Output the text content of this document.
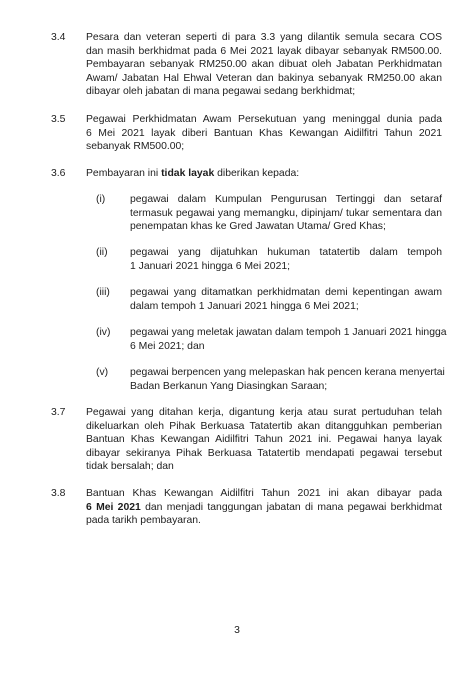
3.4 Pesara dan veteran seperti di para 3.3 yang dilantik semula secara COS
dan masih berkhidmat pada 6 Mei 2021 layak dibayar sebanyak RM500.00.
Pembayaran sebanyak RM250.00 akan dibuat oleh Jabatan Perkhidmatan
Awam/ Jabatan Hal Ehwal Veteran dan bakinya sebanyak RM250.00 akan
dibayar oleh jabatan di mana pegawai sedang berkhidmat;
3.5 Pegawai Perkhidmatan Awam Persekutuan yang meninggal dunia pada
6 Mei 2021 layak diberi Bantuan Khas Kewangan Aidilfitri Tahun 2021
sebanyak RM500.00;
3.6 Pembayaran ini tidak layak diberikan kepada:
(i) pegawai dalam Kumpulan Pengurusan Tertinggi dan setaraf
termasuk pegawai yang memangku, dipinjam/ tukar sementara dan
penempatan khas ke Gred Jawatan Utama/ Gred Khas;
(ii) pegawai yang dijatuhkan hukuman tatatertib dalam tempoh
1 Januari 2021 hingga 6 Mei 2021;
(iii) pegawai yang ditamatkan perkhidmatan demi kepentingan awam
dalam tempoh 1 Januari 2021 hingga 6 Mei 2021;
(iv) pegawai yang meletak jawatan dalam tempoh 1 Januari 2021 hingga
6 Mei 2021; dan
(v) pegawai berpencen yang melepaskan hak pencen kerana menyertai
Badan Berkanun Yang Diasingkan Saraan;
3.7 Pegawai yang ditahan kerja, digantung kerja atau surat pertuduhan telah
dikeluarkan oleh Pihak Berkuasa Tatatertib akan ditangguhkan pemberian
Bantuan Khas Kewangan Aidilfitri Tahun 2021 ini. Pegawai hanya layak
dibayar sekiranya Pihak Berkuasa Tatatertib mendapati pegawai tersebut
tidak bersalah; dan
3.8 Bantuan Khas Kewangan Aidilfitri Tahun 2021 ini akan dibayar pada
6 Mei 2021 dan menjadi tanggungan jabatan di mana pegawai berkhidmat
pada tarikh pembayaran.
3
